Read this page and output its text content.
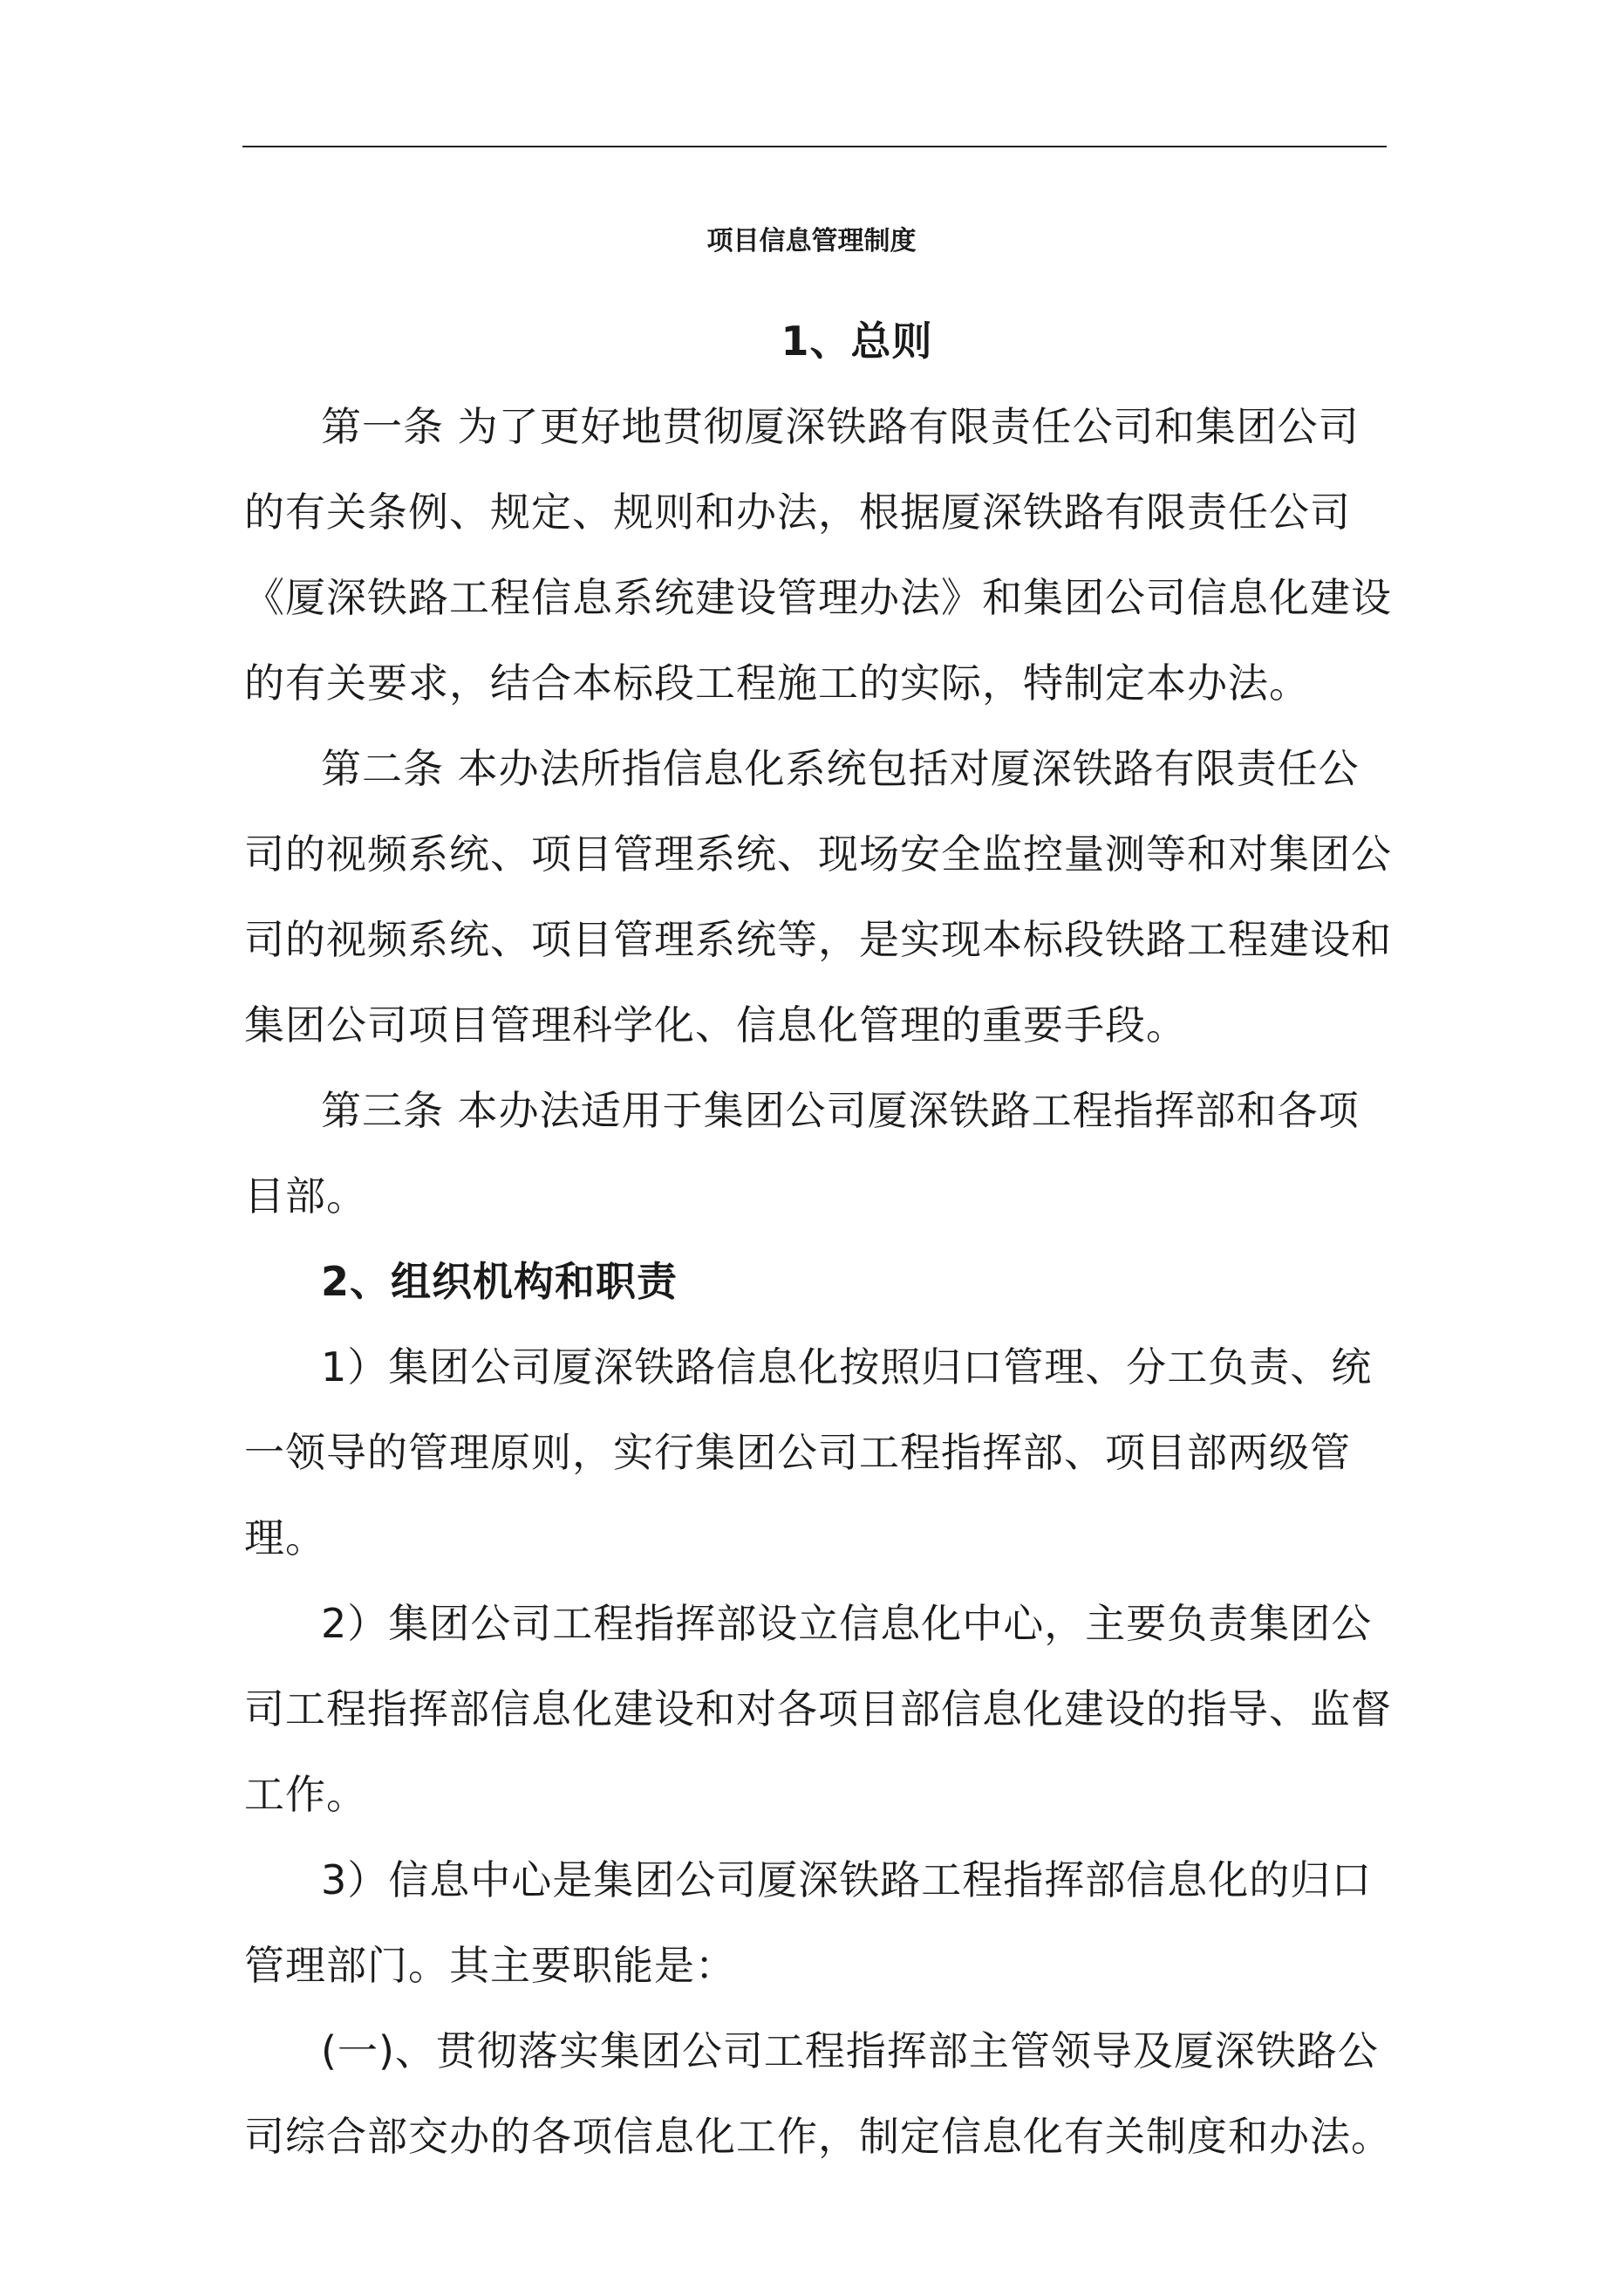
项目信息管理制度
1、总则
第一条 为了更好地贯彻厦深铁路有限责任公司和集团公司的有关条例、规定、规则和办法，根据厦深铁路有限责任公司《厦深铁路工程信息系统建设管理办法》和集团公司信息化建设的有关要求，结合本标段工程施工的实际，特制定本办法。
第二条 本办法所指信息化系统包括对厦深铁路有限责任公司的视频系统、项目管理系统、现场安全监控量测等和对集团公司的视频系统、项目管理系统等，是实现本标段铁路工程建设和集团公司项目管理科学化、信息化管理的重要手段。
第三条 本办法适用于集团公司厦深铁路工程指挥部和各项目部。
2、组织机构和职责
1）集团公司厦深铁路信息化按照归口管理、分工负责、统一领导的管理原则，实行集团公司工程指挥部、项目部两级管理。
2）集团公司工程指挥部设立信息化中心，主要负责集团公司工程指挥部信息化建设和对各项目部信息化建设的指导、监督工作。
3）信息中心是集团公司厦深铁路工程指挥部信息化的归口管理部门。其主要职能是：
(一)、贯彻落实集团公司工程指挥部主管领导及厦深铁路公司综合部交办的各项信息化工作，制定信息化有关制度和办法。
